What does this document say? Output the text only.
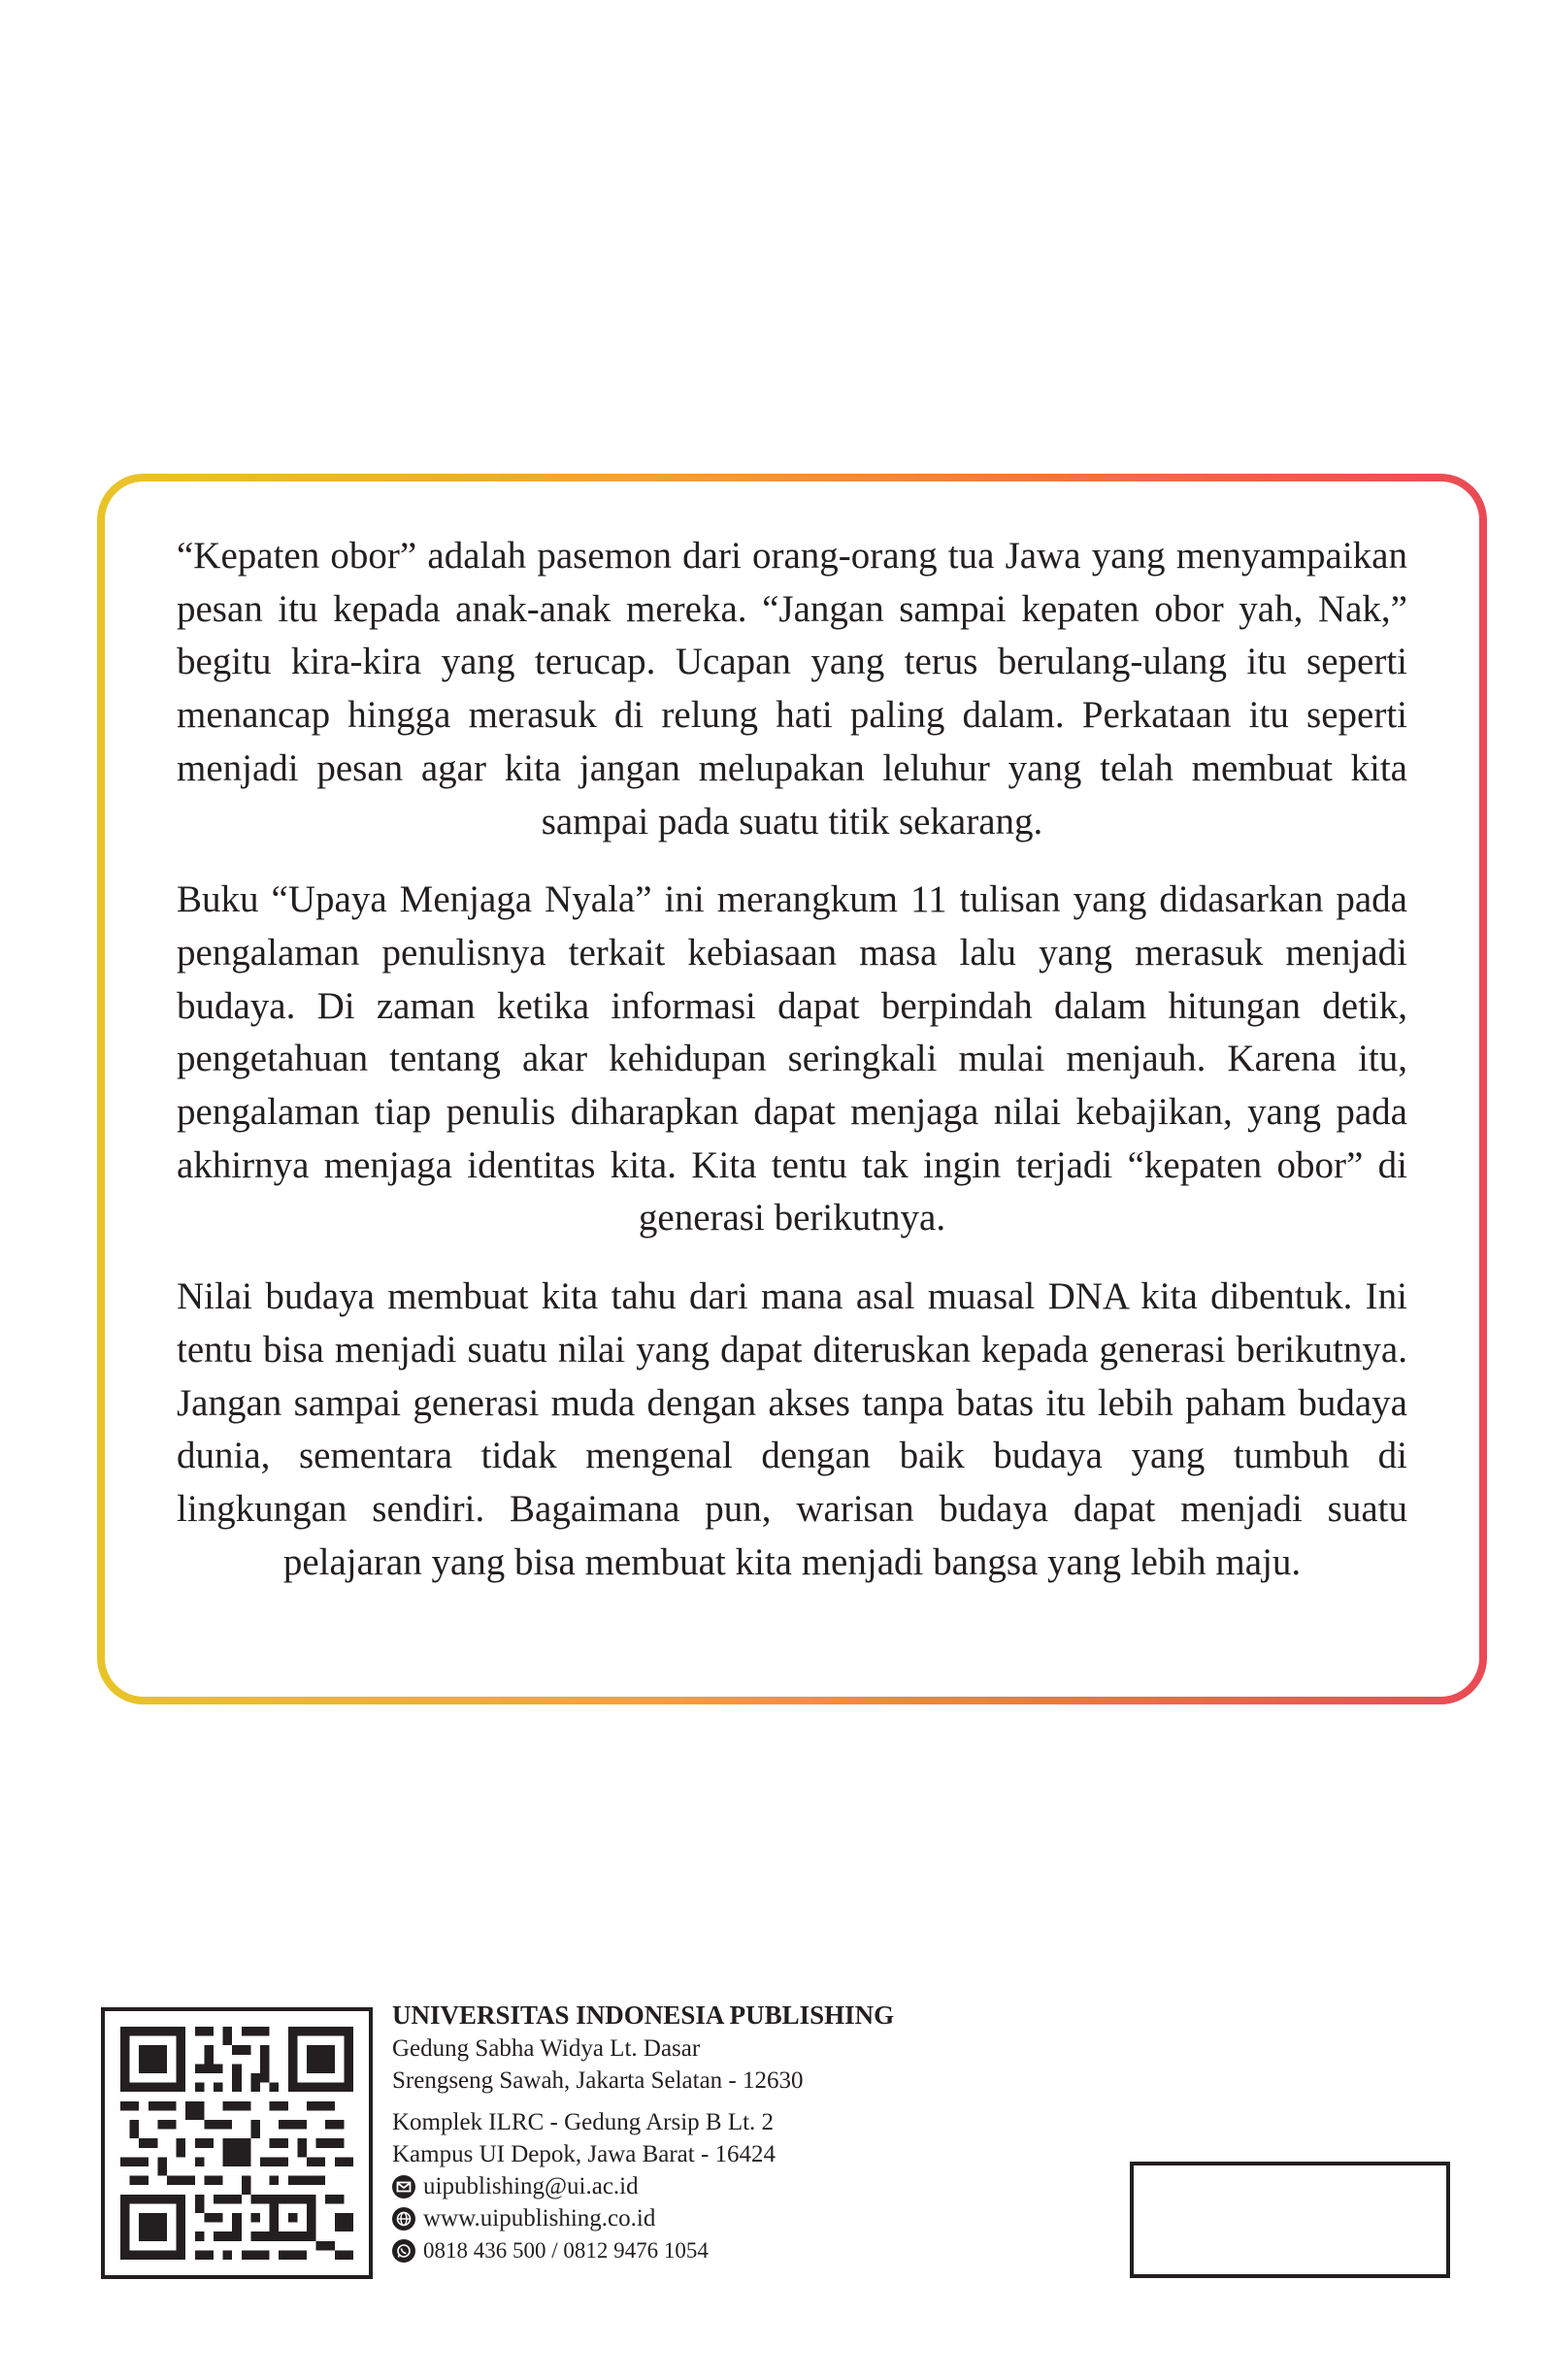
“Kepaten obor” adalah pasemon dari orang-orang tua Jawa yang menyampaikan pesan itu kepada anak-anak mereka. “Jangan sampai kepaten obor yah, Nak,” begitu kira-kira yang terucap. Ucapan yang terus berulang-ulang itu seperti menancap hingga merasuk di relung hati paling dalam. Perkataan itu seperti menjadi pesan agar kita jangan melupakan leluhur yang telah membuat kita sampai pada suatu titik sekarang.

Buku “Upaya Menjaga Nyala” ini merangkum 11 tulisan yang didasarkan pada pengalaman penulisnya terkait kebiasaan masa lalu yang merasuk menjadi budaya. Di zaman ketika informasi dapat berpindah dalam hitungan detik, pengetahuan tentang akar kehidupan seringkali mulai menjauh. Karena itu, pengalaman tiap penulis diharapkan dapat menjaga nilai kebajikan, yang pada akhirnya menjaga identitas kita. Kita tentu tak ingin terjadi “kepaten obor” di generasi berikutnya.

Nilai budaya membuat kita tahu dari mana asal muasal DNA kita dibentuk. Ini tentu bisa menjadi suatu nilai yang dapat diteruskan kepada generasi berikutnya. Jangan sampai generasi muda dengan akses tanpa batas itu lebih paham budaya dunia, sementara tidak mengenal dengan baik budaya yang tumbuh di lingkungan sendiri. Bagaimana pun, warisan budaya dapat menjadi suatu pelajaran yang bisa membuat kita menjadi bangsa yang lebih maju.

UNIVERSITAS INDONESIA PUBLISHING
Gedung Sabha Widya Lt. Dasar
Srengseng Sawah, Jakarta Selatan - 12630
Komplek ILRC - Gedung Arsip B Lt. 2
Kampus UI Depok, Jawa Barat - 16424
uipublishing@ui.ac.id
www.uipublishing.co.id
0818 436 500 / 0812 9476 1054
